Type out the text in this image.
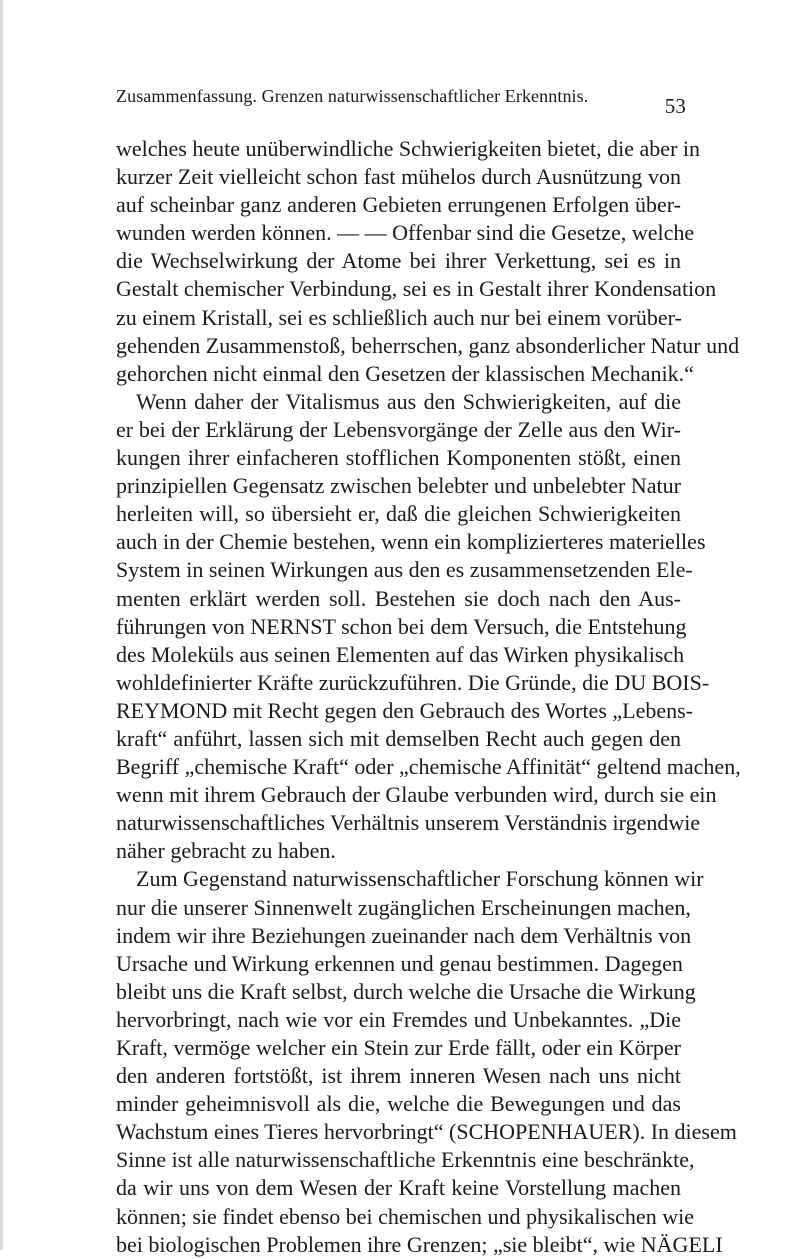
Zusammenfassung. Grenzen naturwissenschaftlicher Erkenntnis.	53
welches heute unüberwindliche Schwierigkeiten bietet, die aber in
kurzer Zeit vielleicht schon fast mühelos durch Ausnützung von
auf scheinbar ganz anderen Gebieten errungenen Erfolgen über-
wunden werden können. — — Offenbar sind die Gesetze, welche
die Wechselwirkung der Atome bei ihrer Verkettung, sei es in
Gestalt chemischer Verbindung, sei es in Gestalt ihrer Kondensation
zu einem Kristall, sei es schließlich auch nur bei einem vorüber-
gehenden Zusammenstoß, beherrschen, ganz absonderlicher Natur und
gehorchen nicht einmal den Gesetzen der klassischen Mechanik.“
Wenn daher der Vitalismus aus den Schwierigkeiten, auf die
er bei der Erklärung der Lebensvorgänge der Zelle aus den Wir-
kungen ihrer einfacheren stofflichen Komponenten stößt, einen
prinzipiellen Gegensatz zwischen belebter und unbelebter Natur
herleiten will, so übersieht er, daß die gleichen Schwierigkeiten
auch in der Chemie bestehen, wenn ein komplizierteres materielles
System in seinen Wirkungen aus den es zusammensetzenden Ele-
menten erklärt werden soll. Bestehen sie doch nach den Aus-
führungen von NERNST schon bei dem Versuch, die Entstehung
des Moleküls aus seinen Elementen auf das Wirken physikalisch
wohldefinierter Kräfte zurückzuführen. Die Gründe, die DU BOIS-
REYMOND mit Recht gegen den Gebrauch des Wortes „Lebens-
kraft“ anführt, lassen sich mit demselben Recht auch gegen den
Begriff „chemische Kraft“ oder „chemische Affinität“ geltend machen,
wenn mit ihrem Gebrauch der Glaube verbunden wird, durch sie ein
naturwissenschaftliches Verhältnis unserem Verständnis irgendwie
näher gebracht zu haben.
Zum Gegenstand naturwissenschaftlicher Forschung können wir
nur die unserer Sinnenwelt zugänglichen Erscheinungen machen,
indem wir ihre Beziehungen zueinander nach dem Verhältnis von
Ursache und Wirkung erkennen und genau bestimmen. Dagegen
bleibt uns die Kraft selbst, durch welche die Ursache die Wirkung
hervorbringt, nach wie vor ein Fremdes und Unbekanntes. „Die
Kraft, vermöge welcher ein Stein zur Erde fällt, oder ein Körper
den anderen fortstößt, ist ihrem inneren Wesen nach uns nicht
minder geheimnisvoll als die, welche die Bewegungen und das
Wachstum eines Tieres hervorbringt“ (SCHOPENHAUER). In diesem
Sinne ist alle naturwissenschaftliche Erkenntnis eine beschränkte,
da wir uns von dem Wesen der Kraft keine Vorstellung machen
können; sie findet ebenso bei chemischen und physikalischen wie
bei biologischen Problemen ihre Grenzen; „sie bleibt“, wie NÄGELI
